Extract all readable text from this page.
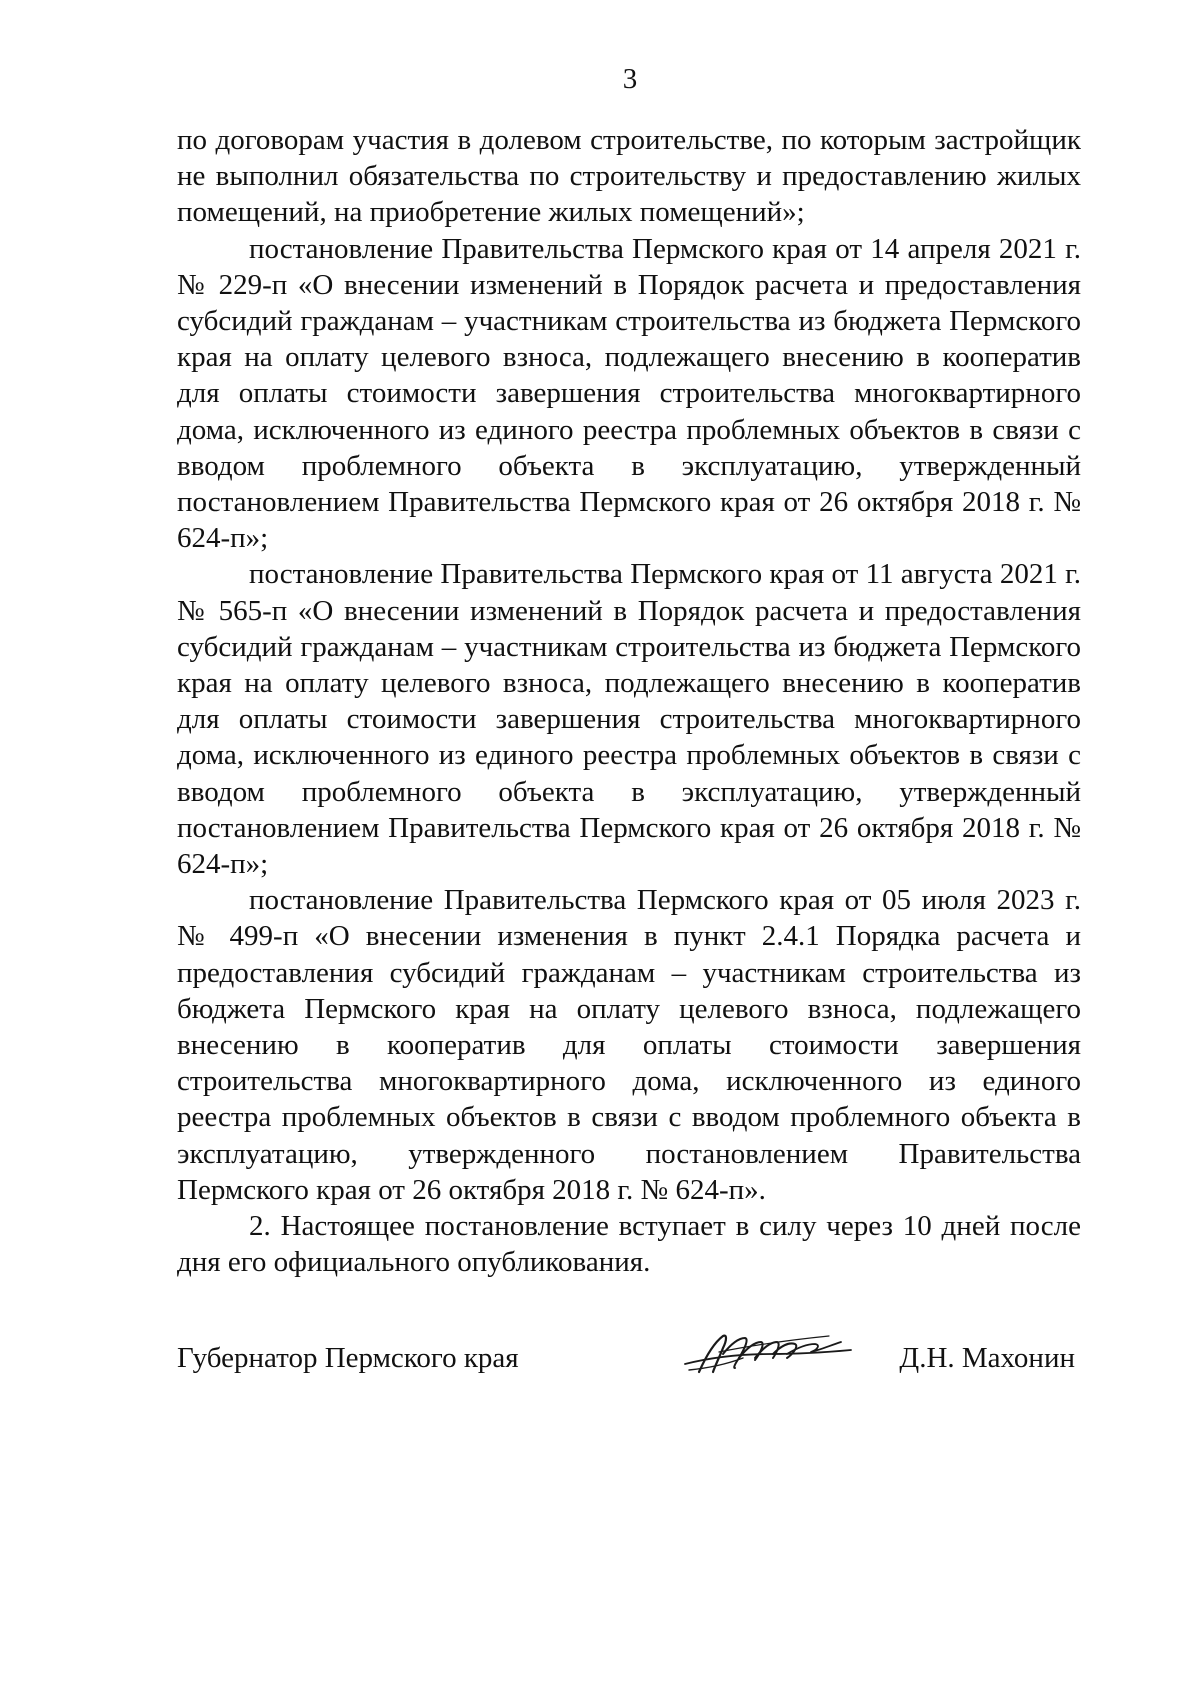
3

по договорам участия в долевом строительстве, по которым застройщик не выполнил обязательства по строительству и предоставлению жилых помещений, на приобретение жилых помещений»;

постановление Правительства Пермского края от 14 апреля 2021 г. № 229-п «О внесении изменений в Порядок расчета и предоставления субсидий гражданам – участникам строительства из бюджета Пермского края на оплату целевого взноса, подлежащего внесению в кооператив для оплаты стоимости завершения строительства многоквартирного дома, исключенного из единого реестра проблемных объектов в связи с вводом проблемного объекта в эксплуатацию, утвержденный постановлением Правительства Пермского края от 26 октября 2018 г. № 624-п»;

постановление Правительства Пермского края от 11 августа 2021 г. № 565-п «О внесении изменений в Порядок расчета и предоставления субсидий гражданам – участникам строительства из бюджета Пермского края на оплату целевого взноса, подлежащего внесению в кооператив для оплаты стоимости завершения строительства многоквартирного дома, исключенного из единого реестра проблемных объектов в связи с вводом проблемного объекта в эксплуатацию, утвержденный постановлением Правительства Пермского края от 26 октября 2018 г. № 624-п»;

постановление Правительства Пермского края от 05 июля 2023 г. № 499-п «О внесении изменения в пункт 2.4.1 Порядка расчета и предоставления субсидий гражданам – участникам строительства из бюджета Пермского края на оплату целевого взноса, подлежащего внесению в кооператив для оплаты стоимости завершения строительства многоквартирного дома, исключенного из единого реестра проблемных объектов в связи с вводом проблемного объекта в эксплуатацию, утвержденного постановлением Правительства Пермского края от 26 октября 2018 г. № 624-п».

2. Настоящее постановление вступает в силу через 10 дней после дня его официального опубликования.

Губернатор Пермского края	Д.Н. Махонин
